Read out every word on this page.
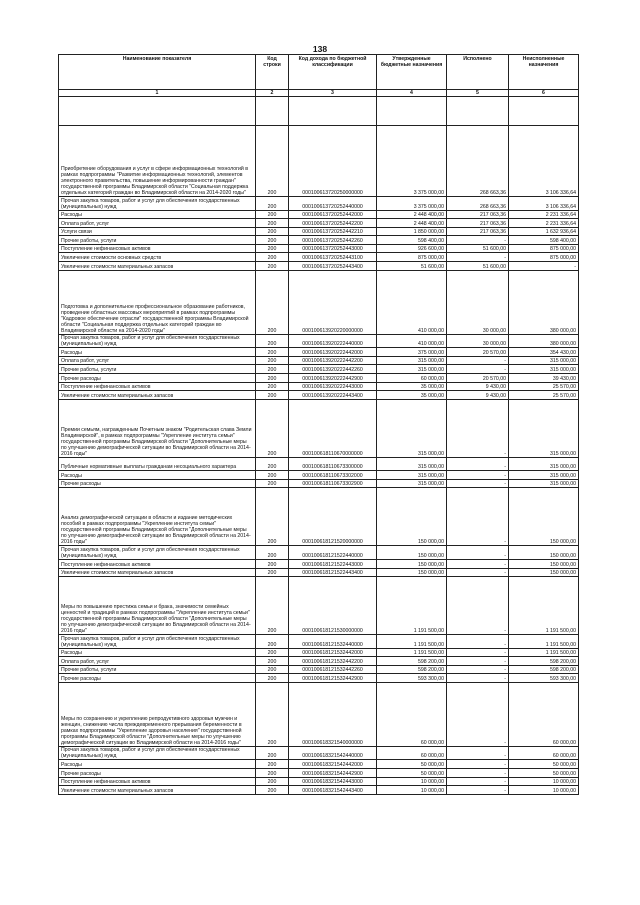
138
Наименование показателя	Код строки	Код дохода по бюджетной классификации	Утвержденные бюджетные назначения	Исполнено	Неисполненные назначения
1	2	3	4	5	6

Приобретение оборудования и услуг в сфере информационных технологий в рамках подпрограммы "Развитие информационных технологий, элементов электронного правительства, повышение информированности граждан" государственной программы Владимирской области "Социальная поддержка отдельных категорий граждан во Владимирской области на 2014-2020 годы"	200	000100613720250000000	3 375 000,00	268 663,36	3 106 336,64
Прочая закупка товаров, работ и услуг для обеспечения государственных (муниципальных) нужд	200	000100613720252440000	3 375 000,00	268 663,36	3 106 336,64
Расходы	200	000100613720252442000	2 448 400,00	217 063,36	2 231 336,64
Оплата работ, услуг	200	000100613720252442200	2 448 400,00	217 063,36	2 231 336,64
Услуги связи	200	000100613720252442210	1 850 000,00	217 063,36	1 632 936,64
Прочие работы, услуги	200	000100613720252442260	598 400,00	-	598 400,00
Поступление нефинансовых активов	200	000100613720252443000	926 600,00	51 600,00	875 000,00
Увеличение стоимости основных средств	200	000100613720252443100	875 000,00	-	875 000,00
Увеличение стоимости материальных запасов	200	000100613720252443400	51 600,00	51 600,00	-
Подготовка и дополнительное профессиональное образование работников, проведение областных массовых мероприятий в рамках подпрограммы "Кадровое обеспечение отрасли" государственной программы Владимирской области "Социальная поддержка отдельных категорий граждан во Владимирской области на 2014-2020 годы"	200	000100613920220000000	410 000,00	30 000,00	380 000,00
Прочая закупка товаров, работ и услуг для обеспечения государственных (муниципальных) нужд	200	000100613920222440000	410 000,00	30 000,00	380 000,00
Расходы	200	000100613920222442000	375 000,00	20 570,00	354 430,00
Оплата работ, услуг	200	000100613920222442200	315 000,00	-	315 000,00
Прочие работы, услуги	200	000100613920222442260	315 000,00	-	315 000,00
Прочие расходы	200	000100613920222442900	60 000,00	20 570,00	39 430,00
Поступление нефинансовых активов	200	000100613920222443000	35 000,00	9 430,00	25 570,00
Увеличение стоимости материальных запасов	200	000100613920222443400	35 000,00	9 430,00	25 570,00
Премии семьям, награжденным Почетным знаком "Родительская слава Земли Владимирской", в рамках подпрограммы "Укрепление института семьи" государственной программы Владимирской области "Дополнительные меры по улучшению демографической ситуации во Владимирской области на 2014-2016 годы"	200	000100618110670000000	315 000,00	-	315 000,00
Публичные нормативные выплаты гражданам несоциального характера	200	000100618110673300000	315 000,00	-	315 000,00
Расходы	200	000100618110673302000	315 000,00	-	315 000,00
Прочие расходы	200	000100618110673302900	315 000,00	-	315 000,00
Анализ демографической ситуации в области и издание методических пособий в рамках подпрограммы "Укрепление института семьи" государственной программы Владимирской области "Дополнительные меры по улучшению демографической ситуации во Владимирской области на 2014-2016 годы"	200	000100618121520000000	150 000,00	-	150 000,00
Прочая закупка товаров, работ и услуг для обеспечения государственных (муниципальных) нужд	200	000100618121522440000	150 000,00	-	150 000,00
Поступление нефинансовых активов	200	000100618121522443000	150 000,00	-	150 000,00
Увеличение стоимости материальных запасов	200	000100618121522443400	150 000,00	-	150 000,00
Меры по повышению престижа семьи и брака, значимости семейных ценностей и традиций в рамках подпрограммы "Укрепление института семьи" государственной программы Владимирской области "Дополнительные меры по улучшению демографической ситуации во Владимирской области на 2014-2016 годы"	200	000100618121530000000	1 191 500,00	-	1 191 500,00
Прочая закупка товаров, работ и услуг для обеспечения государственных (муниципальных) нужд	200	000100618121532440000	1 191 500,00	-	1 191 500,00
Расходы	200	000100618121532442000	1 191 500,00	-	1 191 500,00
Оплата работ, услуг	200	000100618121532442200	598 200,00	-	598 200,00
Прочие работы, услуги	200	000100618121532442260	598 200,00	-	598 200,00
Прочие расходы	200	000100618121532442900	593 300,00	-	593 300,00
Меры по сохранению и укреплению репродуктивного здоровья мужчин и женщин, снижению числа преждевременного прерывания беременности в рамках подпрограммы "Укрепление здоровья населения" государственной программы Владимирской области "Дополнительные меры по улучшению демографической ситуации во Владимирской области на 2014-2016 годы"	200	000100618321540000000	60 000,00	-	60 000,00
Прочая закупка товаров, работ и услуг для обеспечения государственных (муниципальных) нужд	200	000100618321542440000	60 000,00	-	60 000,00
Расходы	200	000100618321542442000	50 000,00	-	50 000,00
Прочие расходы	200	000100618321542442900	50 000,00	-	50 000,00
Поступление нефинансовых активов	200	000100618321542443000	10 000,00	-	10 000,00
Увеличение стоимости материальных запасов	200	000100618321542443400	10 000,00	-	10 000,00
